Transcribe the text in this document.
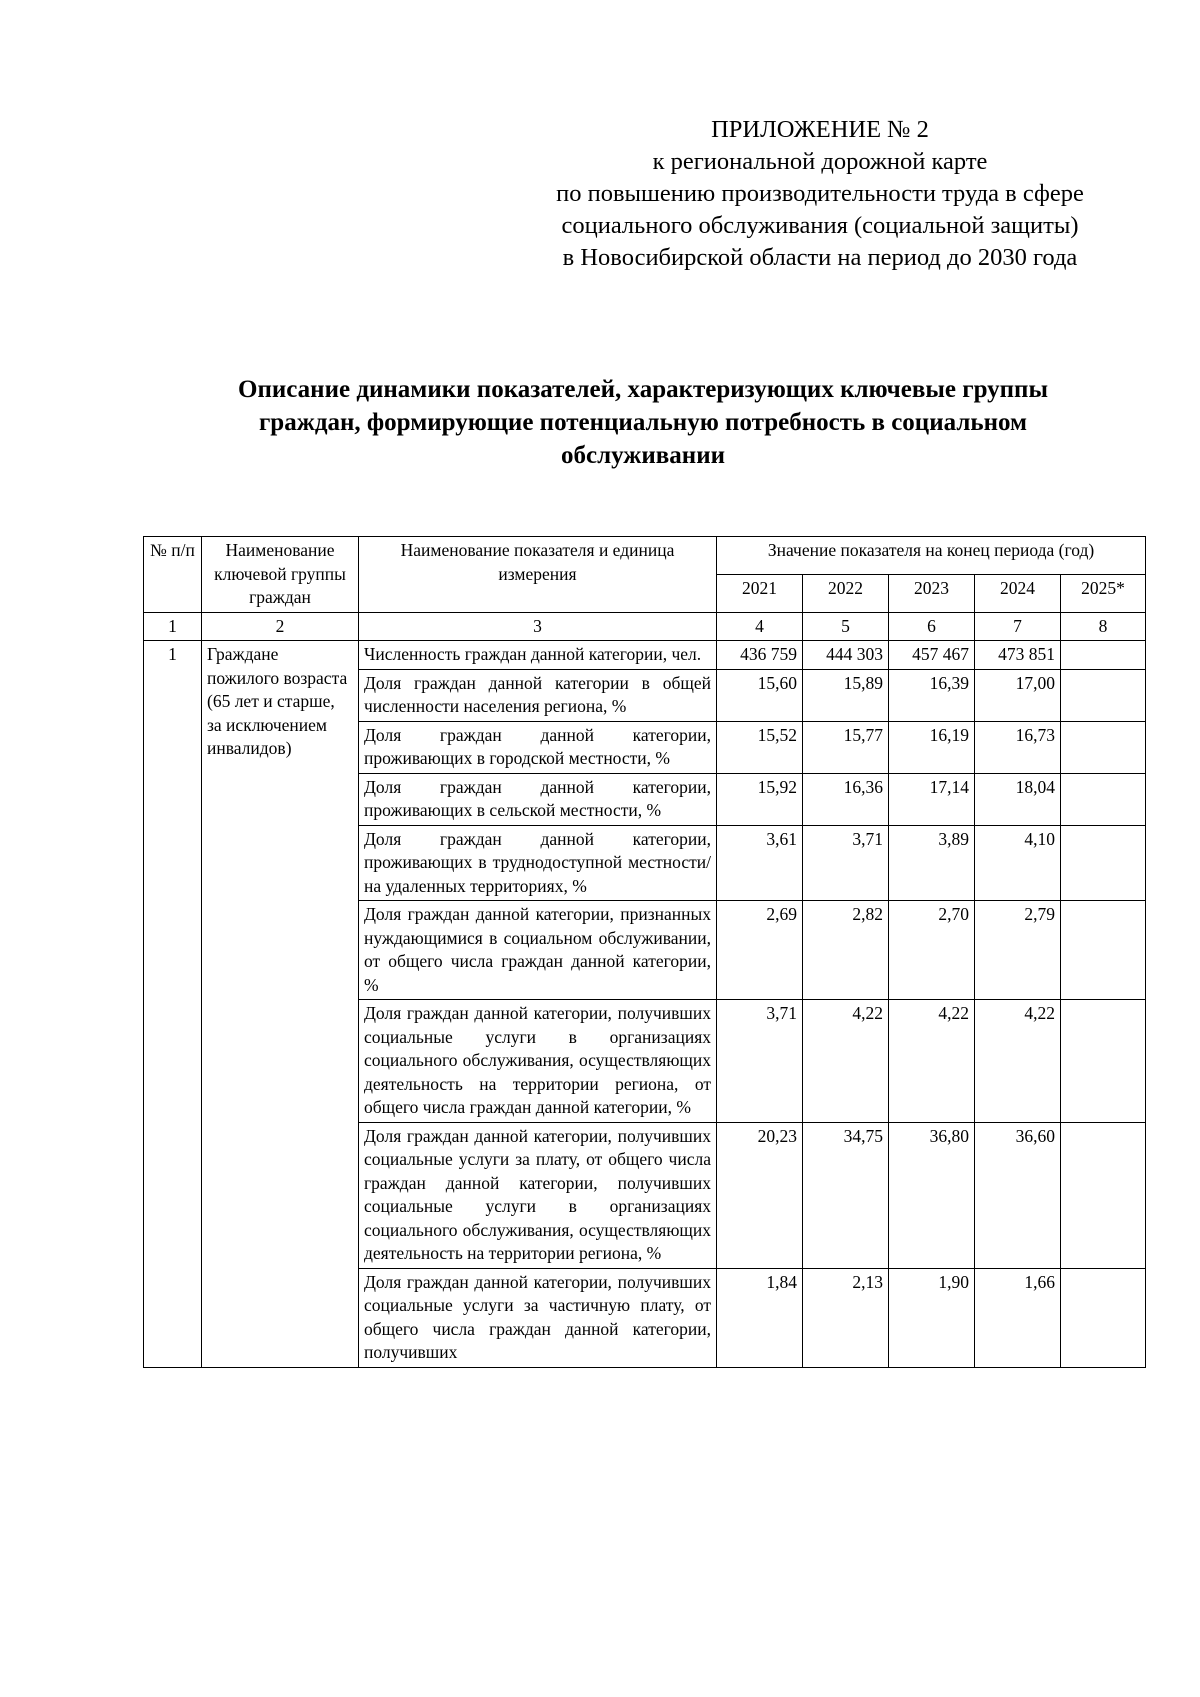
ПРИЛОЖЕНИЕ № 2
к региональной дорожной карте
по повышению производительности труда в сфере
социального обслуживания (социальной защиты)
в Новосибирской области на период до 2030 года
Описание динамики показателей, характеризующих ключевые группы
граждан, формирующие потенциальную потребность в социальном
обслуживании
№ п/п	Наименование ключевой группы граждан	Наименование показателя и единица измерения	Значение показателя на конец периода (год)				
			2021	2022	2023	2024	2025*
1	2	3	4	5	6	7	8
1	Граждане пожилого возраста (65 лет и старше, за исключением инвалидов)	Численность граждан данной категории, чел.	436 759	444 303	457 467	473 851	
		Доля граждан данной категории в общей численности населения региона, %	15,60	15,89	16,39	17,00	
		Доля граждан данной категории, проживающих в городской местности, %	15,52	15,77	16,19	16,73	
		Доля граждан данной категории, проживающих в сельской местности, %	15,92	16,36	17,14	18,04	
		Доля граждан данной категории, проживающих в труднодоступной местности/на удаленных территориях, %	3,61	3,71	3,89	4,10	
		Доля граждан данной категории, признанных нуждающимися в социальном обслуживании, от общего числа граждан данной категории, %	2,69	2,82	2,70	2,79	
		Доля граждан данной категории, получивших социальные услуги в организациях социального обслуживания, осуществляющих деятельность на территории региона, от общего числа граждан данной категории, %	3,71	4,22	4,22	4,22	
		Доля граждан данной категории, получивших социальные услуги за плату, от общего числа граждан данной категории, получивших социальные услуги в организациях социального обслуживания, осуществляющих деятельность на территории региона, %	20,23	34,75	36,80	36,60	
		Доля граждан данной категории, получивших социальные услуги за частичную плату, от общего числа граждан данной категории, получивших	1,84	2,13	1,90	1,66	
